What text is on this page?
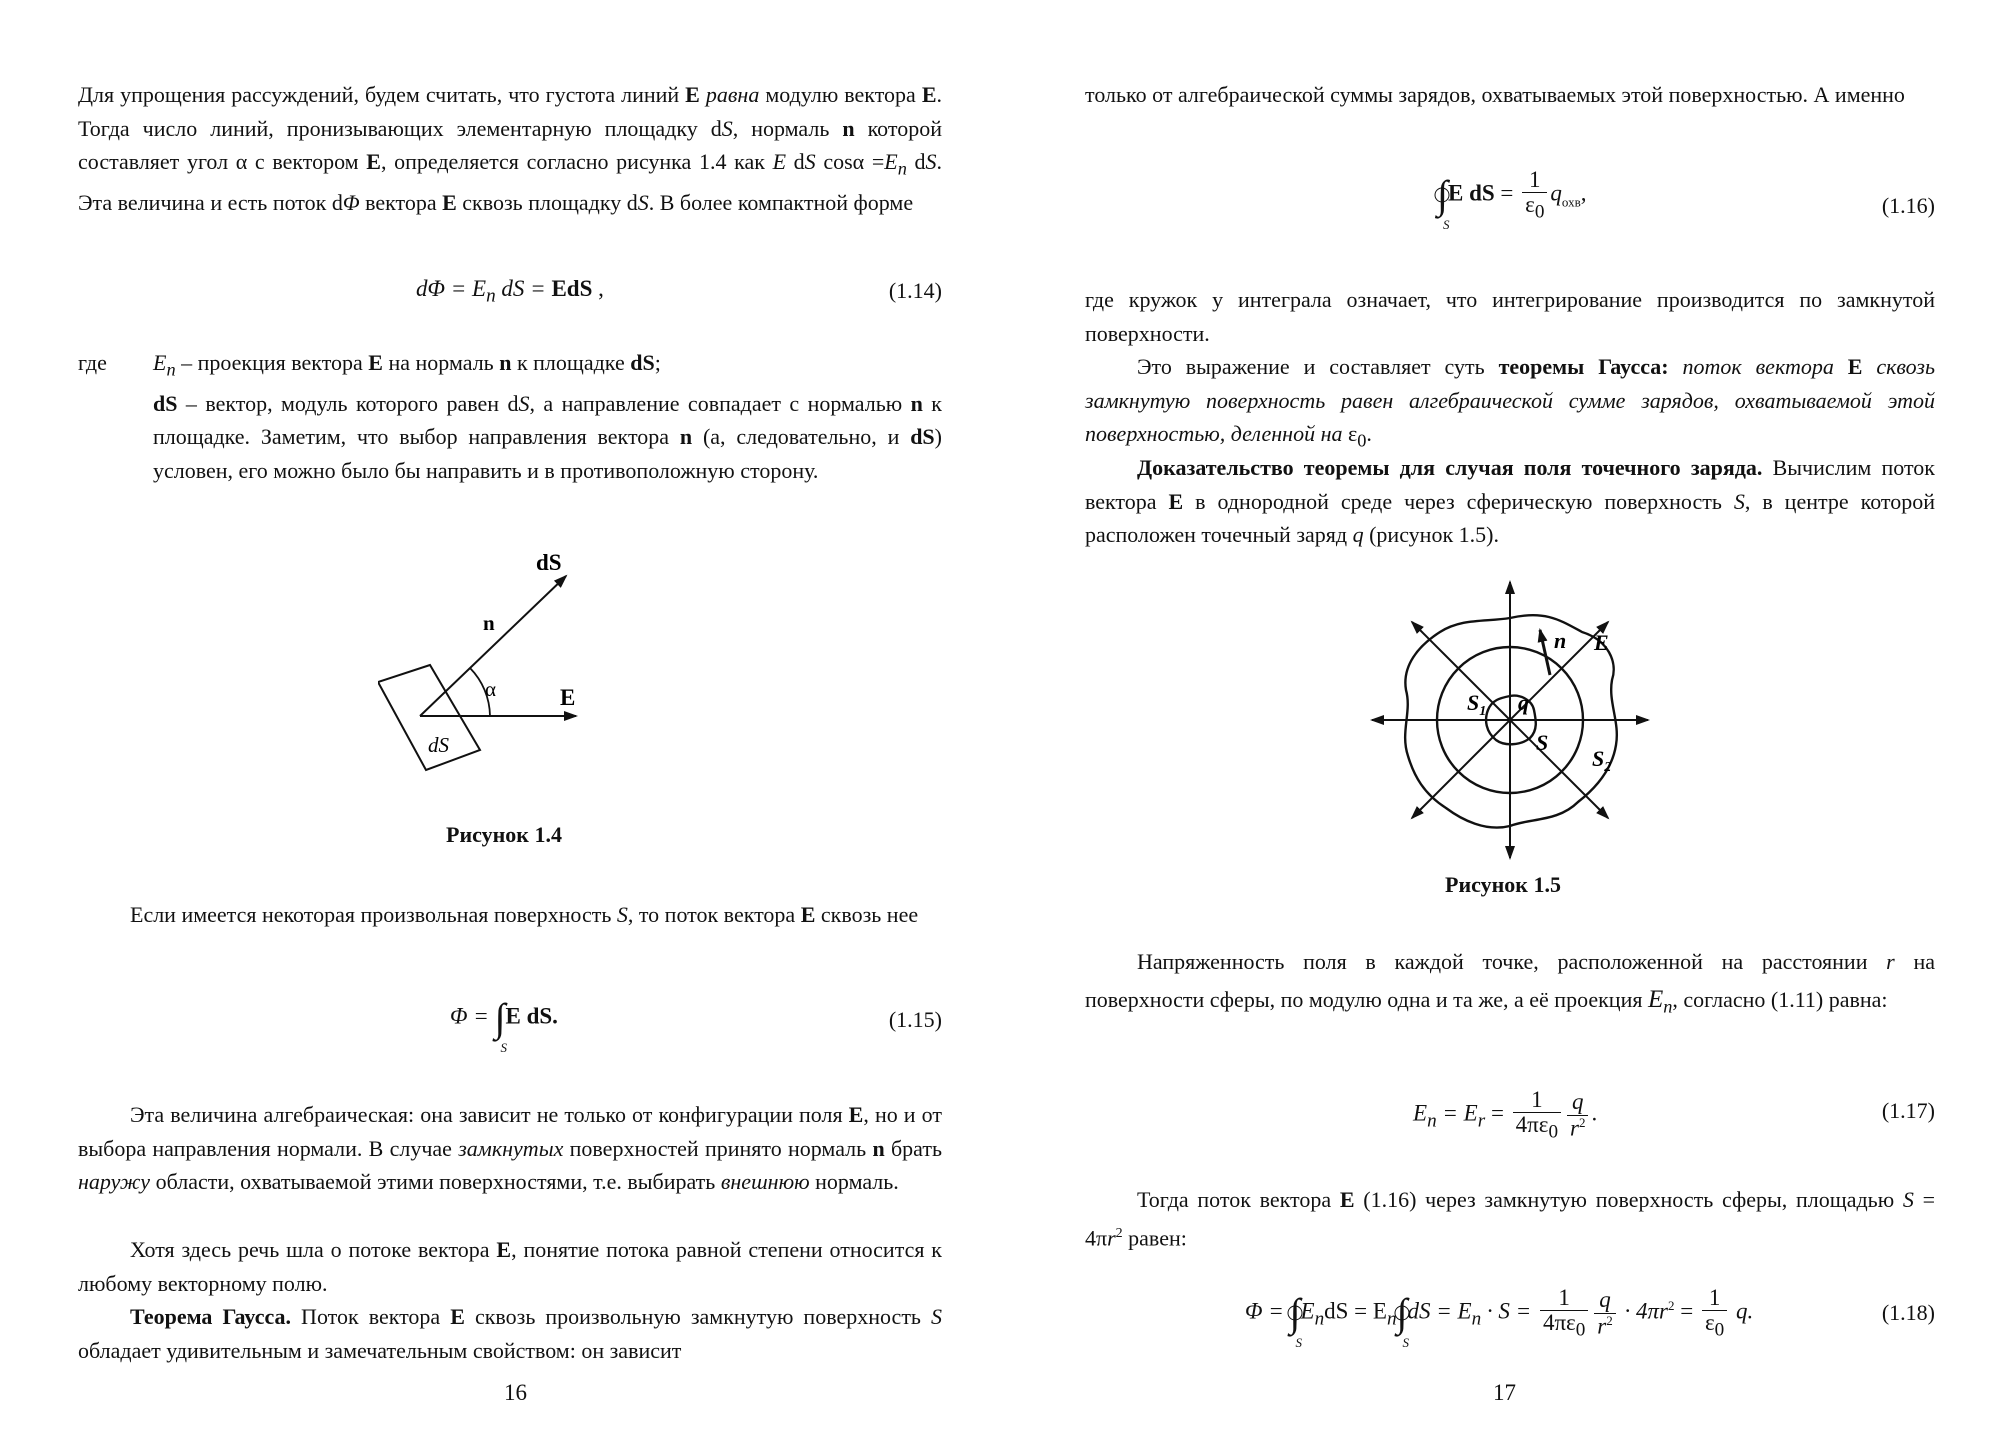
Для упрощения рассуждений, будем считать, что густота линий E равна модулю вектора E. Тогда число линий, пронизывающих элементарную площадку dS, нормаль n которой составляет угол α с вектором E, определяется согласно рисунка 1.4 как E dS $\cos\alpha =E_n$ dS. Эта величина и есть поток dΦ вектора E сквозь площадку dS. В более компактной форме

$d\Phi = E_n$ dS = EdS ,	(1.14)
где $E_n$ – проекция вектора E на нормаль n к площадке dS;
dS – вектор, модуль которого равен dS, а направление совпадает с нормалью n к площадке. Заметим, что выбор направления вектора n (а, следовательно, и dS) условен, его можно было бы направить и в противоположную сторону.
dS
n
α	E
dS
Рисунок 1.4

Если имеется некоторая произвольная поверхность S, то поток вектора E сквозь нее

Φ = ∫
S
E dS.	(1.15)

Эта величина алгебраическая: она зависит не только от конфигурации поля E, но и от выбора направления нормали. В случае замкнутых поверхностей принято нормаль n брать наружу области, охватываемой этими поверхностями, т.е. выбирать внешнюю нормаль.

Хотя здесь речь шла о потоке вектора E, понятие потока равной степени относится к любому векторному полю.

Теорема Гаусса. Поток вектора E сквозь произвольную замкнутую поверхность S обладает удивительным и замечательным свойством: он зависит

16

только от алгебраической суммы зарядов, охватываемых этой поверхностью. А именно

∫
S
E dS = $\frac{1}{\varepsilon_0} q_{охв}$,	(1.16)

где кружок у интеграла означает, что интегрирование производится по замкнутой поверхности.

Это выражение и составляет суть теоремы Гаусса: поток вектора E сквозь замкнутую поверхность равен алгебраической сумме зарядов, охватываемой этой поверхностью, деленной на $\varepsilon_0$.

Доказательство теоремы для случая поля точечного заряда. Вычислим поток вектора E в однородной среде через сферическую поверхность S, в центре которой расположен точечный заряд q (рисунок 1.5).

n E
$S_1$ q
S
$S_2$
Рисунок 1.5

Напряженность поля в каждой точке, расположенной на расстоянии r на поверхности сферы, по модулю одна и та же, а её проекция $E_n$, согласно (1.11) равна:

$E_n = E_r = \frac{1}{4\pi\varepsilon_0} \frac{q}{r^2}$ .	(1.17)

Тогда поток вектора E (1.16) через замкнутую поверхность сферы, площадью $S = 4\pi r^2$ равен:

Φ = ∫
S
$E_ndS = E_n\int$
S
dS = $E_n \cdot S = \frac{1}{4\pi\varepsilon_0} \frac{q}{r^2} \cdot 4\pi r^2 = \frac{1}{\varepsilon_0} q$.	(1.18)
17
